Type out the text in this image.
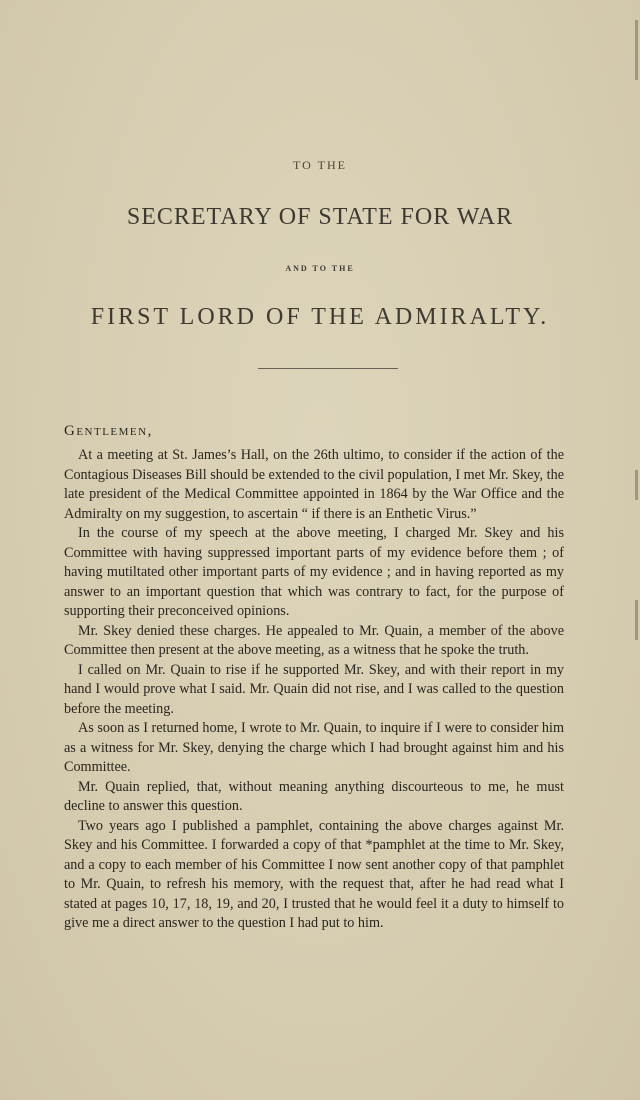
TO THE
SECRETARY OF STATE FOR WAR
AND TO THE
FIRST LORD OF THE ADMIRALTY.
Gentlemen,

At a meeting at St. James’s Hall, on the 26th ultimo, to consider if the action of the Contagious Diseases Bill should be extended to the civil population, I met Mr. Skey, the late president of the Medical Committee appointed in 1864 by the War Office and the Admiralty on my suggestion, to ascertain “ if there is an Enthetic Virus.”

In the course of my speech at the above meeting, I charged Mr. Skey and his Committee with having suppressed important parts of my evidence before them ; of having mutiltated other important parts of my evidence ; and in having reported as my answer to an important question that which was contrary to fact, for the purpose of supporting their preconceived opinions.

Mr. Skey denied these charges. He appealed to Mr. Quain, a member of the above Committee then present at the above meeting, as a witness that he spoke the truth.

I called on Mr. Quain to rise if he supported Mr. Skey, and with their report in my hand I would prove what I said. Mr. Quain did not rise, and I was called to the question before the meeting.

As soon as I returned home, I wrote to Mr. Quain, to inquire if I were to consider him as a witness for Mr. Skey, denying the charge which I had brought against him and his Committee.

Mr. Quain replied, that, without meaning anything discourteous to me, he must decline to answer this question.

Two years ago I published a pamphlet, containing the above charges against Mr. Skey and his Committee. I forwarded a copy of that *pamphlet at the time to Mr. Skey, and a copy to each member of his Committee I now sent another copy of that pamphlet to Mr. Quain, to refresh his memory, with the request that, after he had read what I stated at pages 10, 17, 18, 19, and 20, I trusted that he would feel it a duty to himself to give me a direct answer to the question I had put to him.
